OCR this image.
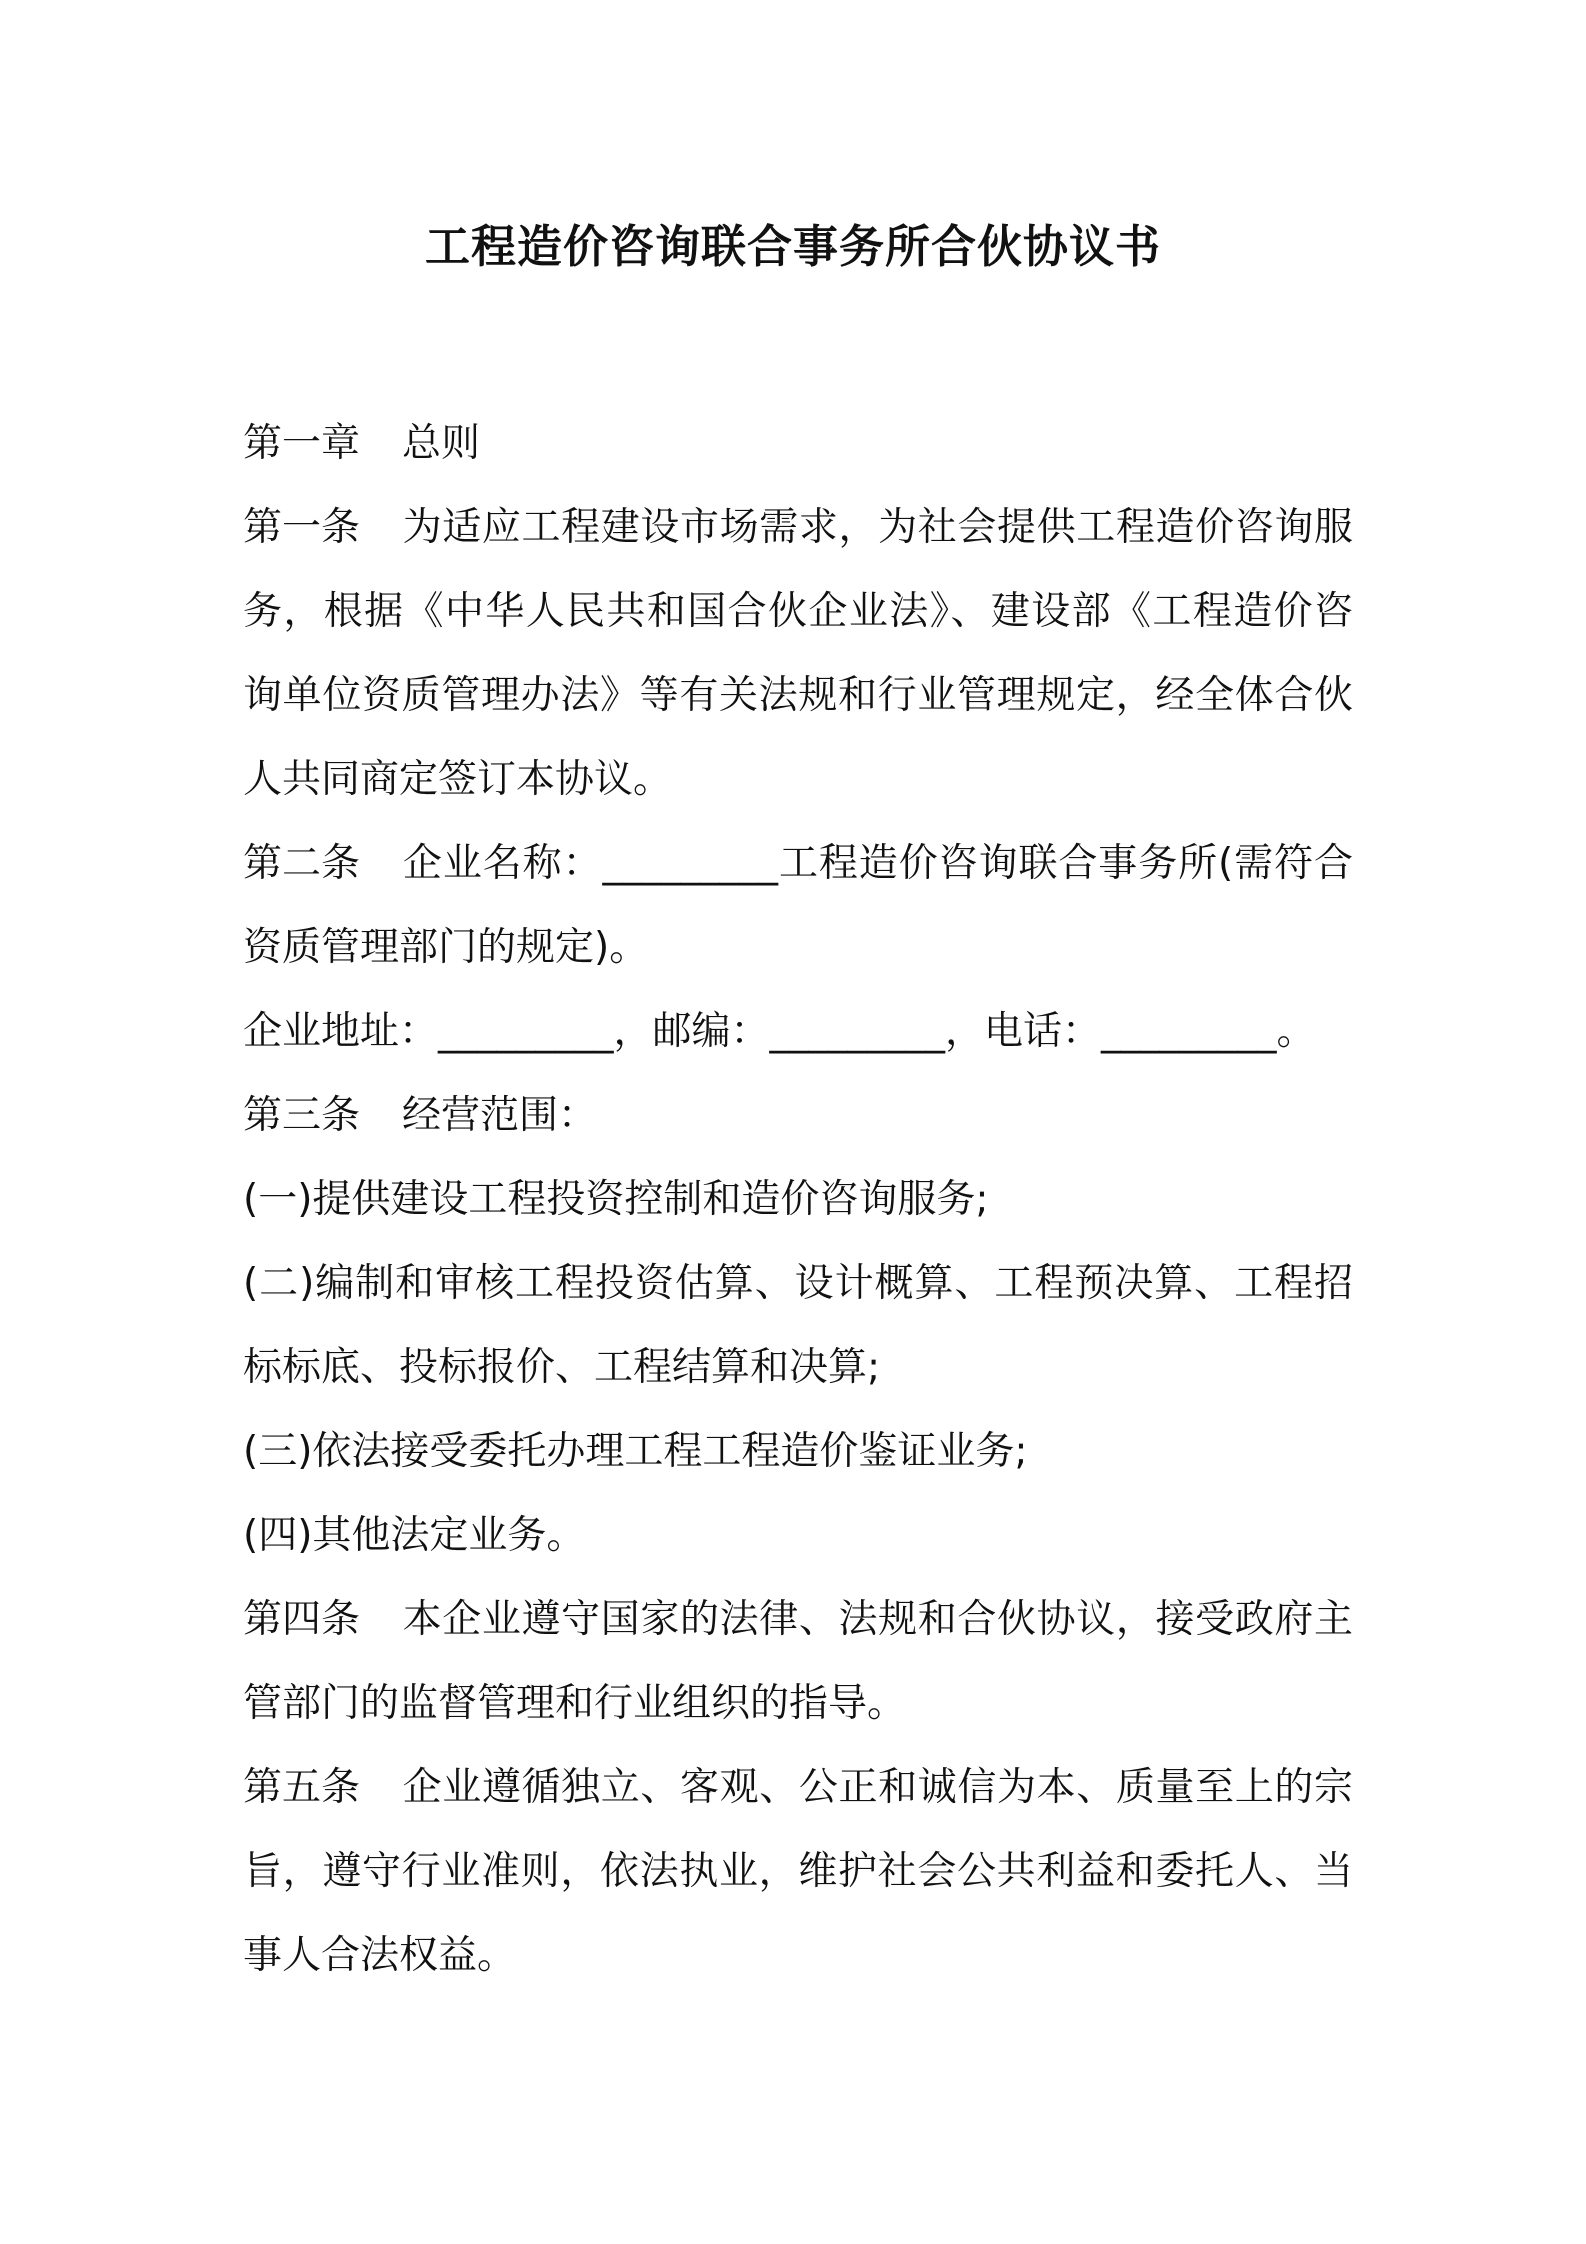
工程造价咨询联合事务所合伙协议书

第一章 总则

第一条 为适应工程建设市场需求，为社会提供工程造价咨询服务，根据《中华人民共和国合伙企业法》、建设部《工程造价咨询单位资质管理办法》等有关法规和行业管理规定，经全体合伙人共同商定签订本协议。

第二条 企业名称：_________工程造价咨询联合事务所(需符合资质管理部门的规定)。

企业地址：_________，邮编：_________，电话：_________。

第三条 经营范围：

(一)提供建设工程投资控制和造价咨询服务;

(二)编制和审核工程投资估算、设计概算、工程预决算、工程招标标底、投标报价、工程结算和决算;

(三)依法接受委托办理工程工程造价鉴证业务;

(四)其他法定业务。

第四条 本企业遵守国家的法律、法规和合伙协议，接受政府主管部门的监督管理和行业组织的指导。

第五条 企业遵循独立、客观、公正和诚信为本、质量至上的宗旨，遵守行业准则，依法执业，维护社会公共利益和委托人、当事人合法权益。
